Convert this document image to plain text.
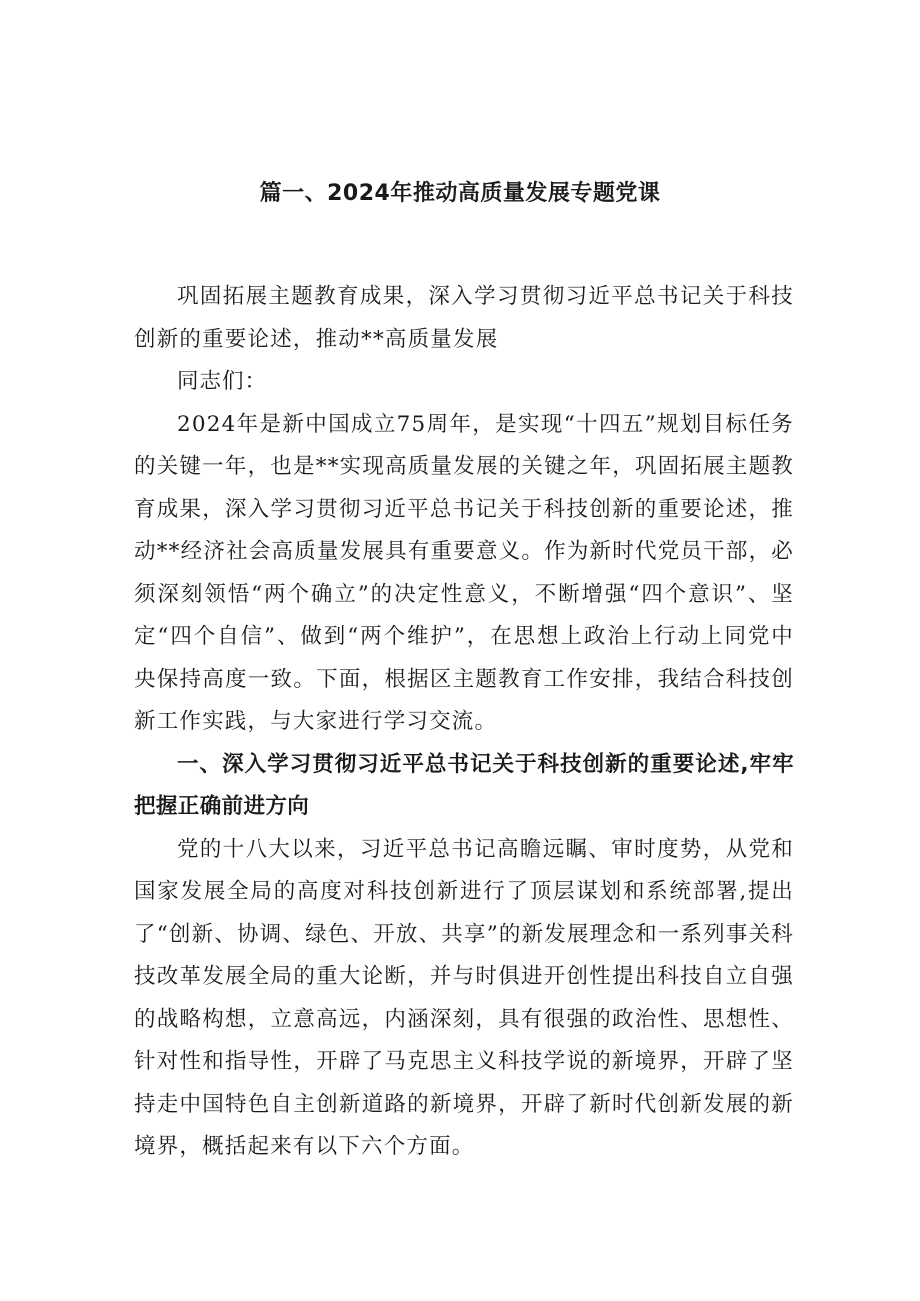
篇一、2024年推动高质量发展专题党课

巩固拓展主题教育成果，深入学习贯彻习近平总书记关于科技创新的重要论述，推动**高质量发展

同志们：

2024年是新中国成立75周年，是实现“十四五”规划目标任务的关键一年，也是**实现高质量发展的关键之年，巩固拓展主题教育成果，深入学习贯彻习近平总书记关于科技创新的重要论述，推动**经济社会高质量发展具有重要意义。作为新时代党员干部，必须深刻领悟“两个确立”的决定性意义，不断增强“四个意识”、坚定“四个自信”、做到“两个维护”，在思想上政治上行动上同党中央保持高度一致。下面，根据区主题教育工作安排，我结合科技创新工作实践，与大家进行学习交流。

一、深入学习贯彻习近平总书记关于科技创新的重要论述,牢牢把握正确前进方向

党的十八大以来，习近平总书记高瞻远瞩、审时度势，从党和国家发展全局的高度对科技创新进行了顶层谋划和系统部署,提出了“创新、协调、绿色、开放、共享”的新发展理念和一系列事关科技改革发展全局的重大论断，并与时俱进开创性提出科技自立自强的战略构想，立意高远，内涵深刻，具有很强的政治性、思想性、针对性和指导性，开辟了马克思主义科技学说的新境界，开辟了坚持走中国特色自主创新道路的新境界，开辟了新时代创新发展的新境界，概括起来有以下六个方面。
